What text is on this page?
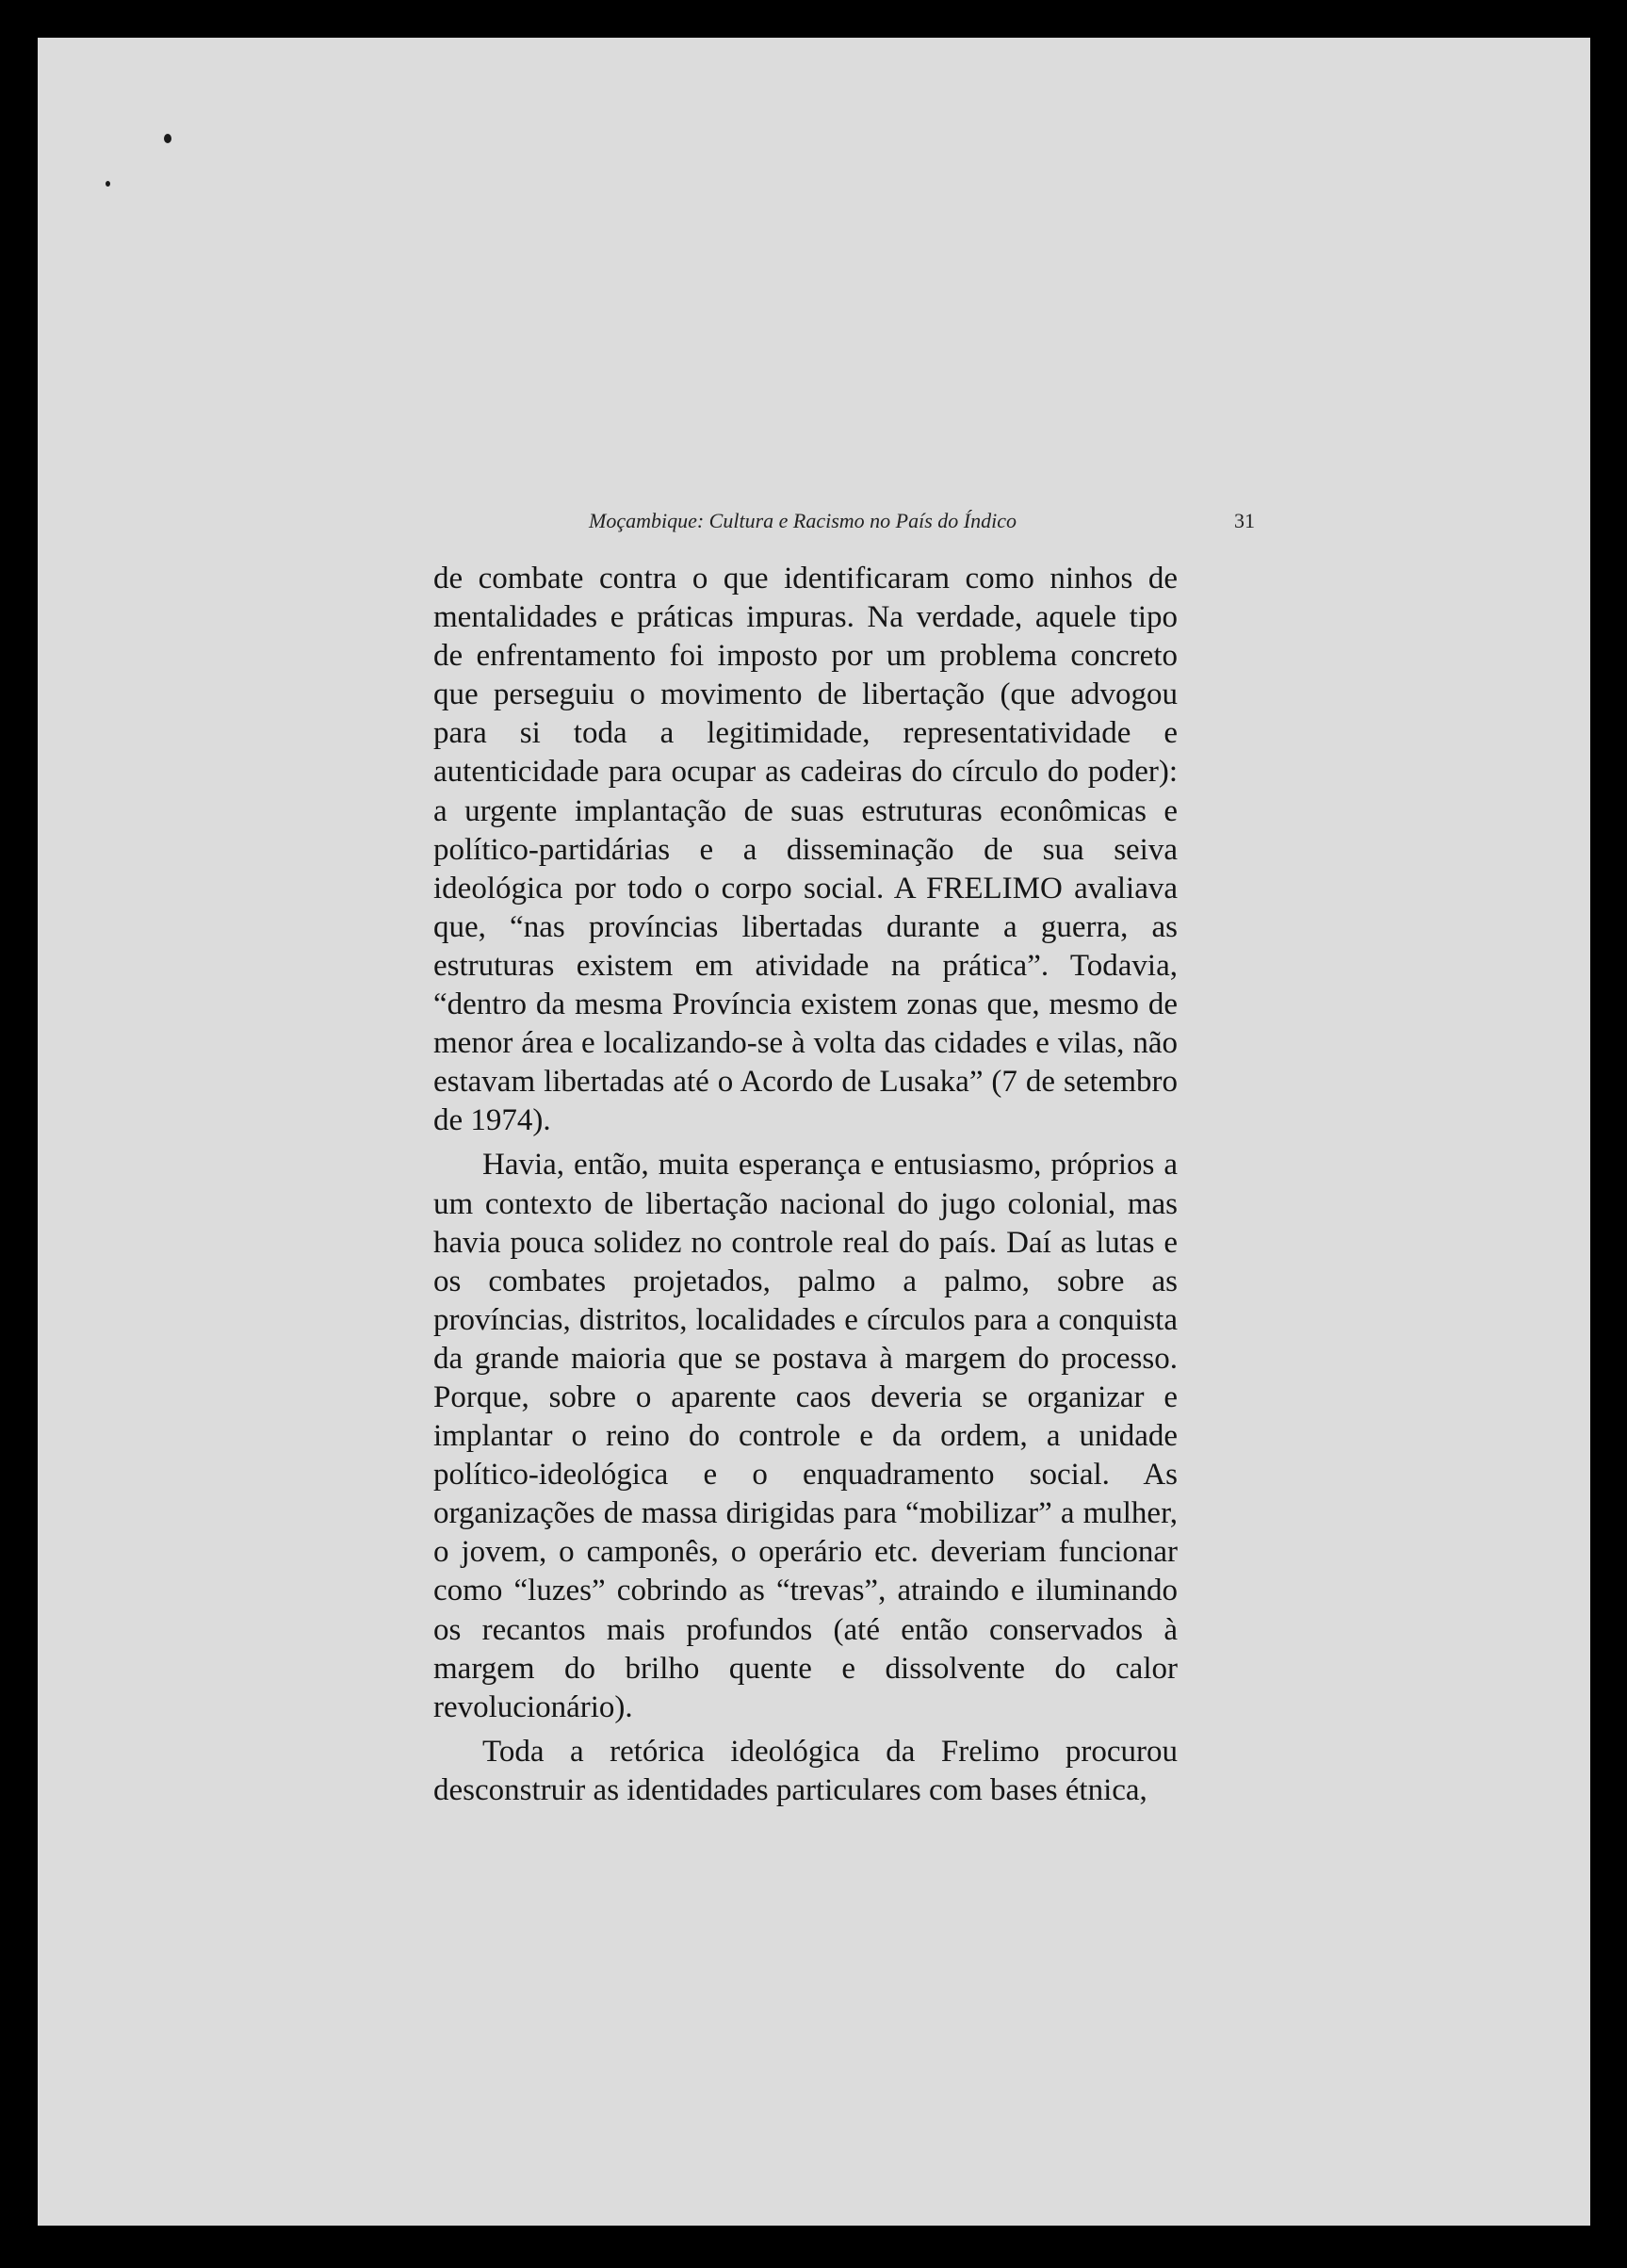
Moçambique: Cultura e Racismo no País do Índico	31

de combate contra o que identificaram como ninhos de mentalidades e práticas impuras. Na verdade, aquele tipo de enfrentamento foi imposto por um problema concreto que perseguiu o movimento de libertação (que advogou para si toda a legitimidade, representatividade e autenticidade para ocupar as cadeiras do círculo do poder): a urgente implantação de suas estruturas econômicas e político-partidárias e a disseminação de sua seiva ideológica por todo o corpo social. A FRELIMO avaliava que, “nas províncias libertadas durante a guerra, as estruturas existem em atividade na prática”. Todavia, “dentro da mesma Província existem zonas que, mesmo de menor área e localizando-se à volta das cidades e vilas, não estavam libertadas até o Acordo de Lusaka” (7 de setembro de 1974).

Havia, então, muita esperança e entusiasmo, próprios a um contexto de libertação nacional do jugo colonial, mas havia pouca solidez no controle real do país. Daí as lutas e os combates projetados, palmo a palmo, sobre as províncias, distritos, localidades e círculos para a conquista da grande maioria que se postava à margem do processo. Porque, sobre o aparente caos deveria se organizar e implantar o reino do controle e da ordem, a unidade político-ideológica e o enquadramento social. As organizações de massa dirigidas para “mobilizar” a mulher, o jovem, o camponês, o operário etc. deveriam funcionar como “luzes” cobrindo as “trevas”, atraindo e iluminando os recantos mais profundos (até então conservados à margem do brilho quente e dissolvente do calor revolucionário).

Toda a retórica ideológica da Frelimo procurou desconstruir as identidades particulares com bases étnica,
